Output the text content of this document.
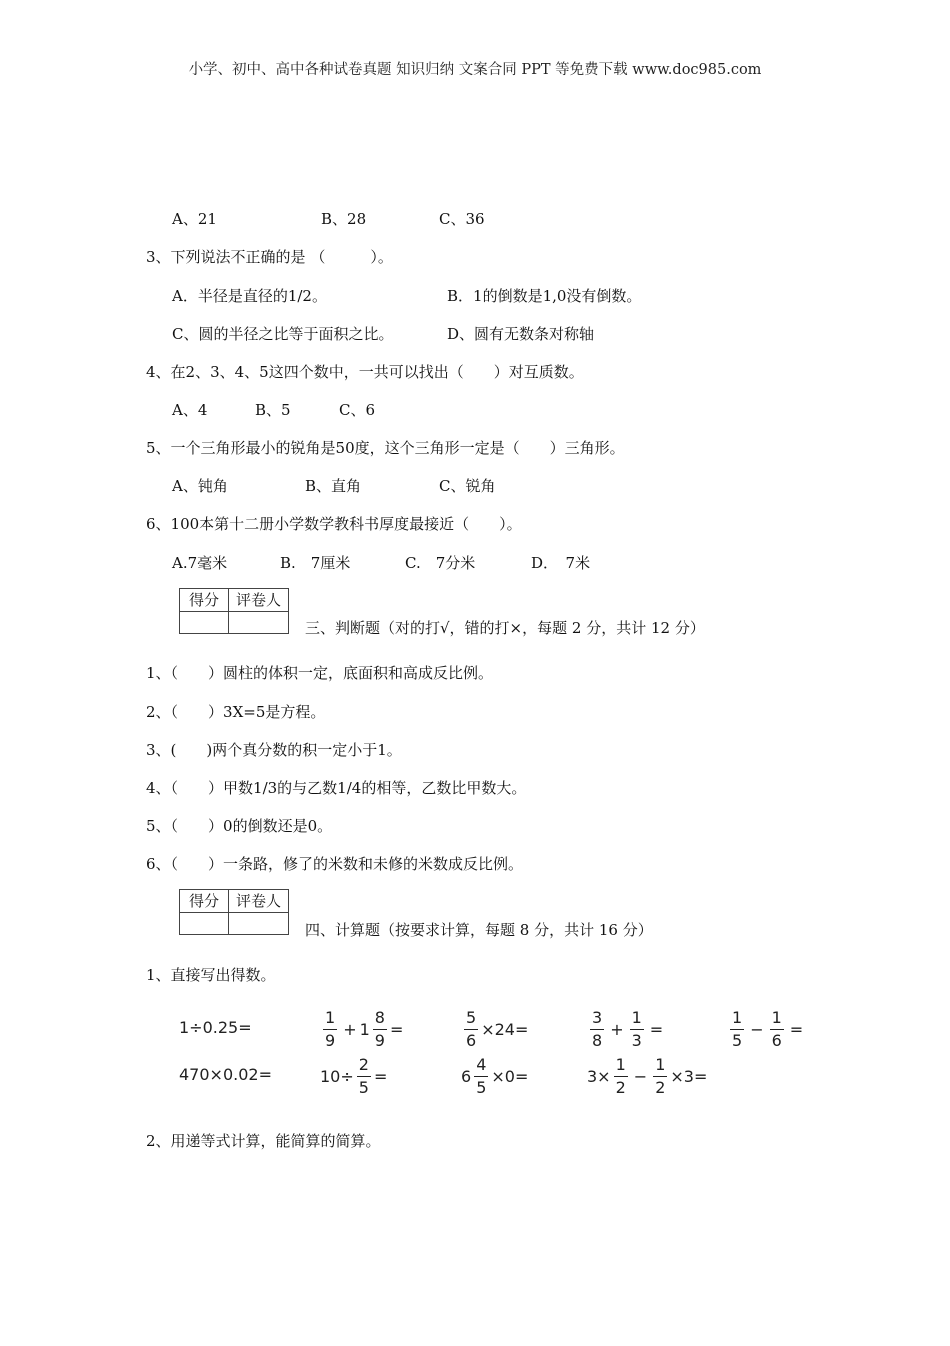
小学、初中、高中各种试卷真题 知识归纳 文案合同 PPT 等免费下载 www.doc985.com
A、21	B、28	C、36
3、下列说法不正确的是 （　　　）。
A．半径是直径的1/2。	B．1的倒数是1,0没有倒数。
C、圆的半径之比等于面积之比。	D、圆有无数条对称轴
4、在2、3、4、5这四个数中，一共可以找出（　　）对互质数。
A、4	B、5	C、6
5、一个三角形最小的锐角是50度，这个三角形一定是（　　）三角形。
A、钝角	B、直角	C、锐角
6、100本第十二册小学数学教科书厚度最接近（　　）。
A.7毫米	B.　7厘米	C.　7分米	D．　7米
得分	评卷人
三、判断题（对的打√，错的打×，每题 2 分，共计 12 分）
1、（　　）圆柱的体积一定，底面积和高成反比例。
2、（　　）3X=5是方程。
3、(　　)两个真分数的积一定小于1。
4、（　　）甲数1/3的与乙数1/4的相等，乙数比甲数大。
5、（　　）0的倒数还是0。
6、（　　）一条路，修了的米数和未修的米数成反比例。
得分	评卷人
四、计算题（按要求计算，每题 8 分，共计 16 分）
1、直接写出得数。
1÷0.25=	$\frac{1}{9} + 1 \frac{8}{9}$ =	$\frac{5}{6} \times 24=$	$\frac{3}{8} + \frac{1}{3}$ =	$\frac{1}{5} - \frac{1}{6}$ =
470×0.02=	$10\div \frac{2}{5}$ =	$6 \frac{4}{5} \times 0=$	$3\times \frac{1}{2} - \frac{1}{2} \times 3=$
2、用递等式计算，能简算的简算。
